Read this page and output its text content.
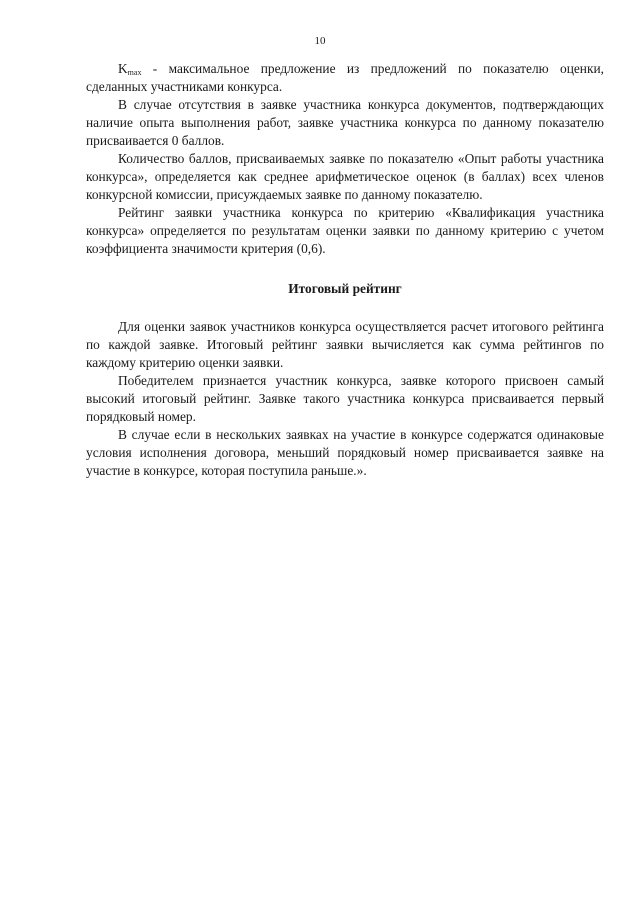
10

$K_{max}$ - максимальное предложение из предложений по показателю оценки, сделанных участниками конкурса.

В случае отсутствия в заявке участника конкурса документов, подтверждающих наличие опыта выполнения работ, заявке участника конкурса по данному показателю присваивается 0 баллов.

Количество баллов, присваиваемых заявке по показателю «Опыт работы участника конкурса», определяется как среднее арифметическое оценок (в баллах) всех членов конкурсной комиссии, присуждаемых заявке по данному показателю.

Рейтинг заявки участника конкурса по критерию «Квалификация участника конкурса» определяется по результатам оценки заявки по данному критерию с учетом коэффициента значимости критерия (0,6).

Итоговый рейтинг

Для оценки заявок участников конкурса осуществляется расчет итогового рейтинга по каждой заявке. Итоговый рейтинг заявки вычисляется как сумма рейтингов по каждому критерию оценки заявки.

Победителем признается участник конкурса, заявке которого присвоен самый высокий итоговый рейтинг. Заявке такого участника конкурса присваивается первый порядковый номер.

В случае если в нескольких заявках на участие в конкурсе содержатся одинаковые условия исполнения договора, меньший порядковый номер присваивается заявке на участие в конкурсе, которая поступила раньше.».
